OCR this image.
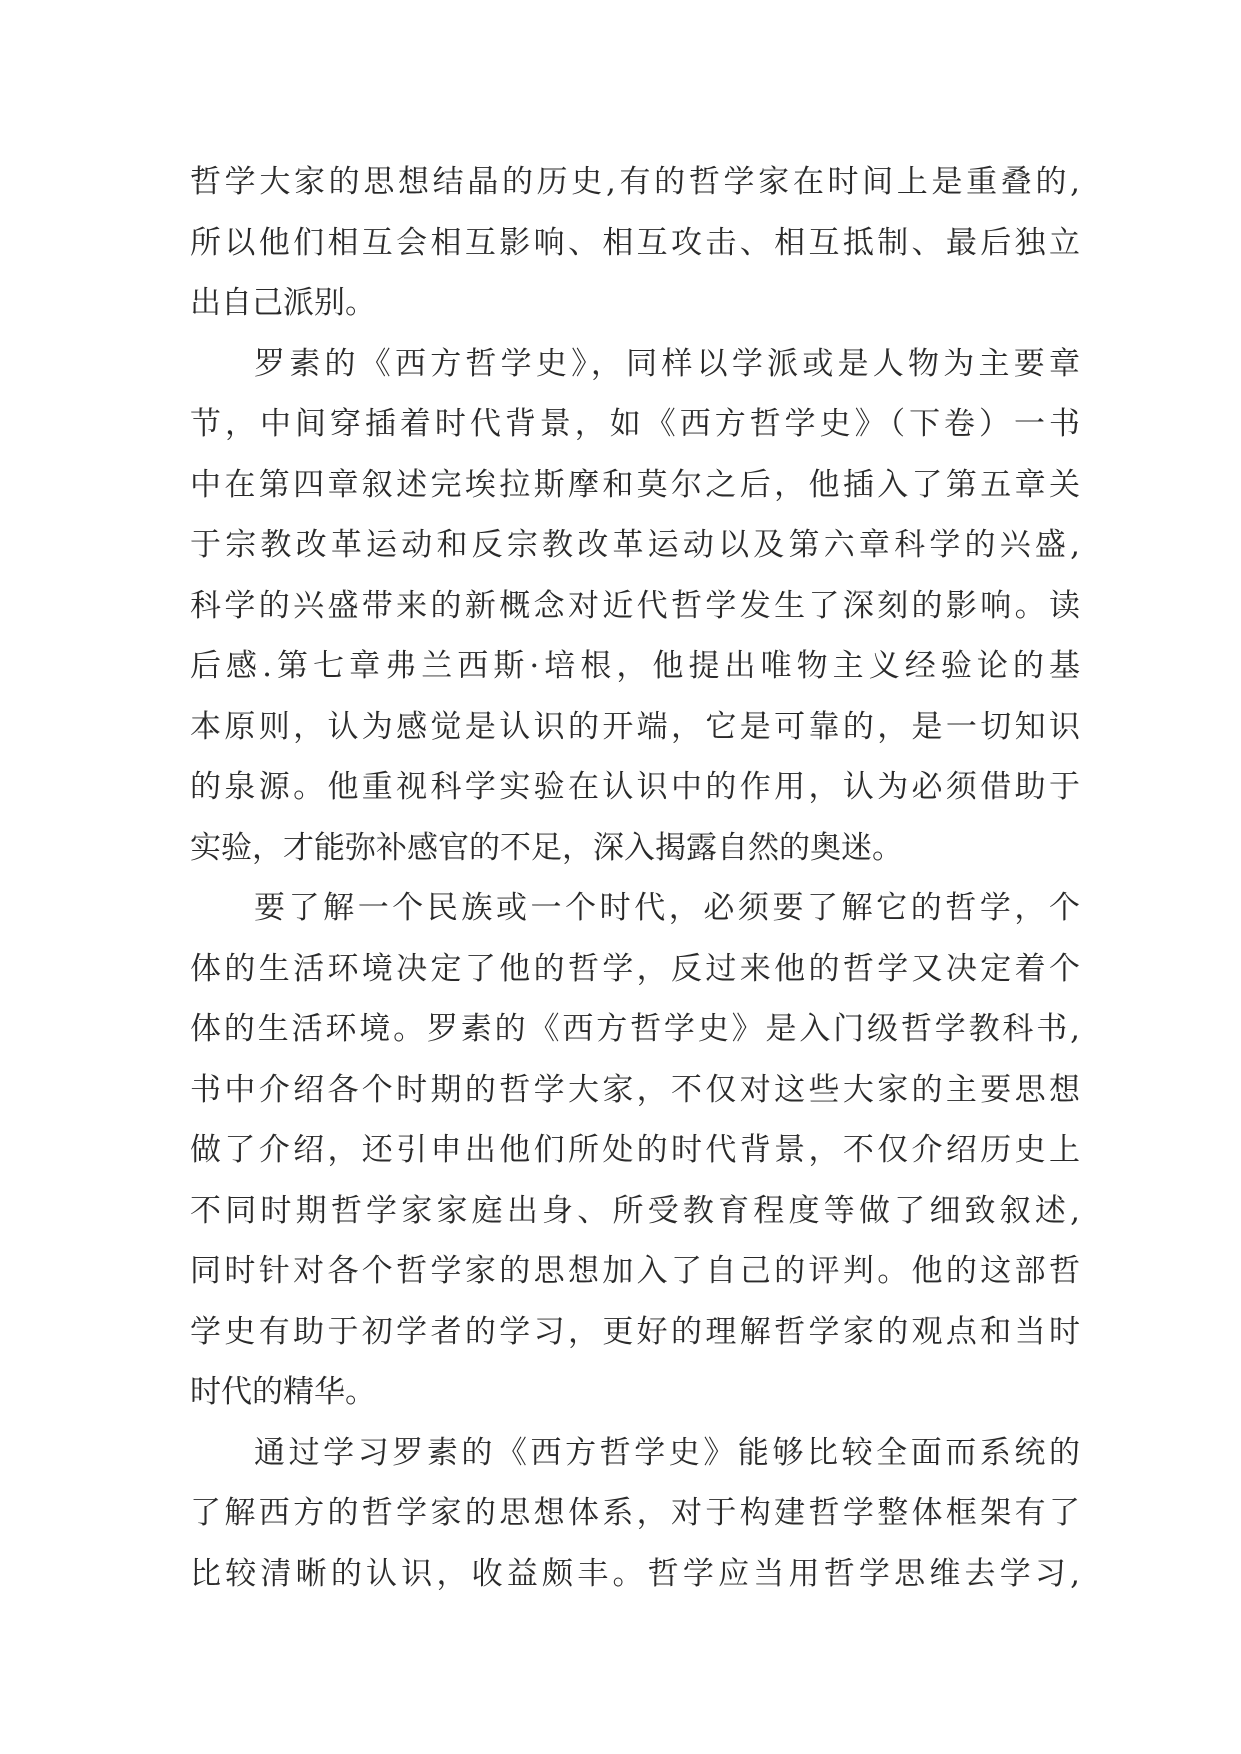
哲学大家的思想结晶的历史,有的哲学家在时间上是重叠的,
所以他们相互会相互影响、相互攻击、相互抵制、最后独立
出自己派别。
罗素的《西方哲学史》，同样以学派或是人物为主要章
节，中间穿插着时代背景，如《西方哲学史》（下卷）一书
中在第四章叙述完埃拉斯摩和莫尔之后，他插入了第五章关
于宗教改革运动和反宗教改革运动以及第六章科学的兴盛,
科学的兴盛带来的新概念对近代哲学发生了深刻的影响。读
后感.第七章弗兰西斯·培根，他提出唯物主义经验论的基
本原则，认为感觉是认识的开端，它是可靠的，是一切知识
的泉源。他重视科学实验在认识中的作用，认为必须借助于
实验，才能弥补感官的不足，深入揭露自然的奥迷。
要了解一个民族或一个时代，必须要了解它的哲学，个
体的生活环境决定了他的哲学，反过来他的哲学又决定着个
体的生活环境。罗素的《西方哲学史》是入门级哲学教科书,
书中介绍各个时期的哲学大家，不仅对这些大家的主要思想
做了介绍，还引申出他们所处的时代背景，不仅介绍历史上
不同时期哲学家家庭出身、所受教育程度等做了细致叙述,
同时针对各个哲学家的思想加入了自己的评判。他的这部哲
学史有助于初学者的学习，更好的理解哲学家的观点和当时
时代的精华。
通过学习罗素的《西方哲学史》能够比较全面而系统的
了解西方的哲学家的思想体系，对于构建哲学整体框架有了
比较清晰的认识，收益颇丰。哲学应当用哲学思维去学习,
